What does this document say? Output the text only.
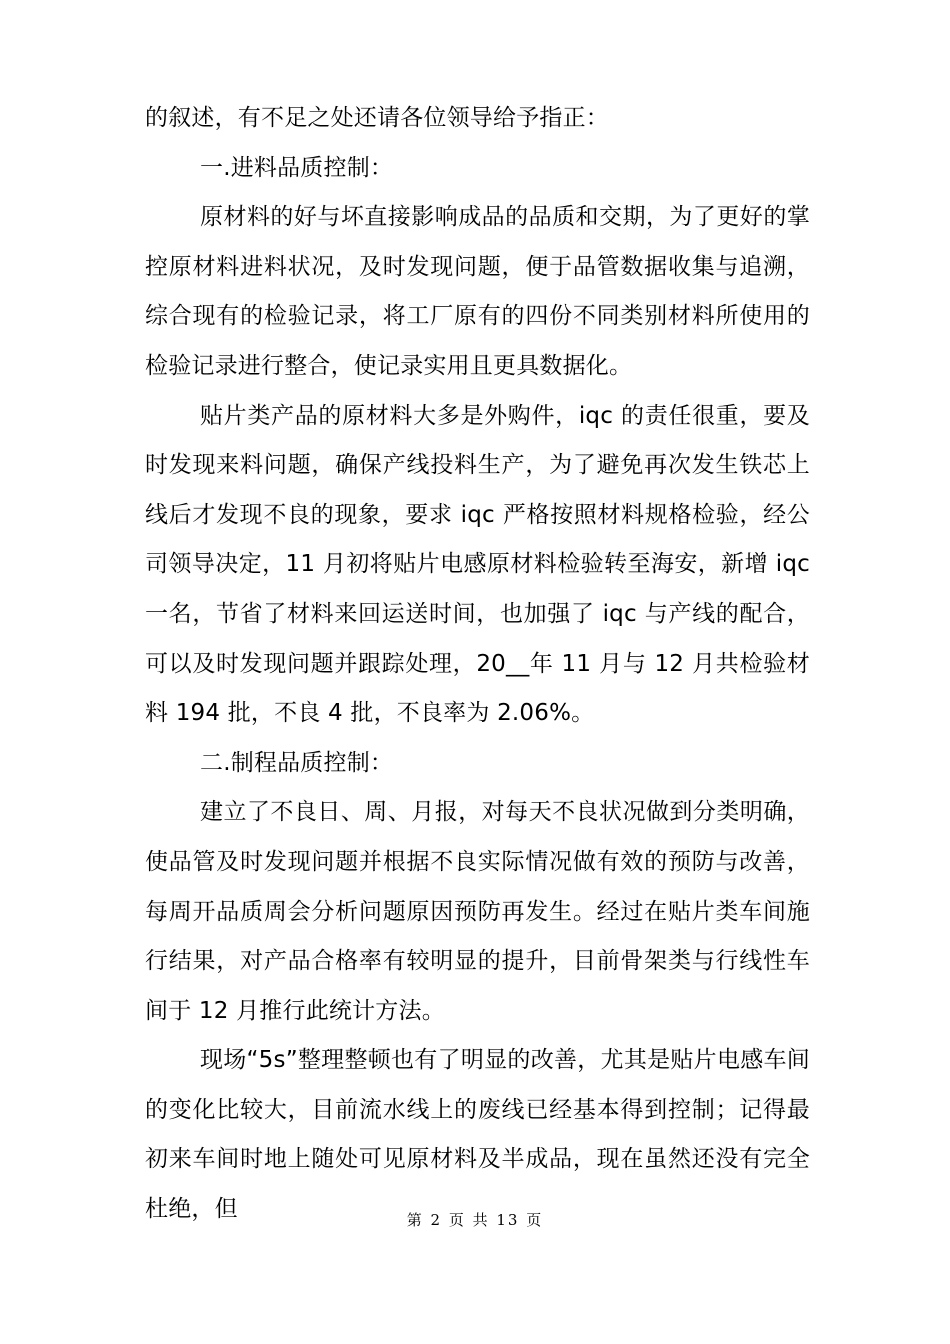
的叙述，有不足之处还请各位领导给予指正：

一.进料品质控制：

原材料的好与坏直接影响成品的品质和交期，为了更好的掌控原材料进料状况，及时发现问题，便于品管数据收集与追溯，综合现有的检验记录，将工厂原有的四份不同类别材料所使用的检验记录进行整合，使记录实用且更具数据化。

贴片类产品的原材料大多是外购件，iqc 的责任很重，要及时发现来料问题，确保产线投料生产，为了避免再次发生铁芯上线后才发现不良的现象，要求 iqc 严格按照材料规格检验，经公司领导决定，11 月初将贴片电感原材料检验转至海安，新增 iqc 一名，节省了材料来回运送时间，也加强了 iqc 与产线的配合，可以及时发现问题并跟踪处理，20__年 11 月与 12 月共检验材料 194 批，不良 4 批，不良率为 2.06%。

二.制程品质控制：

建立了不良日、周、月报，对每天不良状况做到分类明确，使品管及时发现问题并根据不良实际情况做有效的预防与改善，每周开品质周会分析问题原因预防再发生。经过在贴片类车间施行结果，对产品合格率有较明显的提升，目前骨架类与行线性车间于 12 月推行此统计方法。

现场“5s”整理整顿也有了明显的改善，尤其是贴片电感车间的变化比较大，目前流水线上的废线已经基本得到控制；记得最初来车间时地上随处可见原材料及半成品，现在虽然还没有完全杜绝，但	第 2 页 共 13 页
